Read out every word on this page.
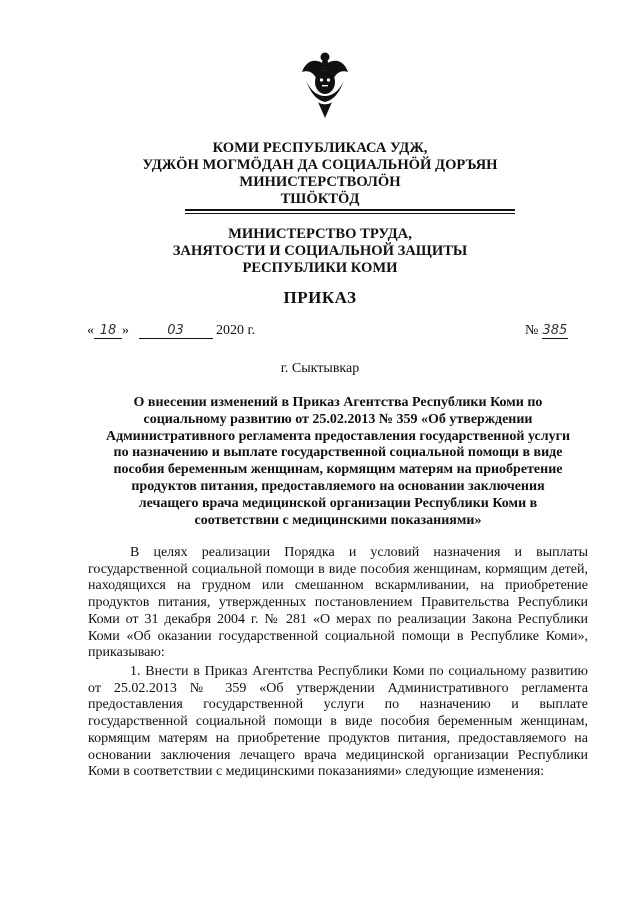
КОМИ РЕСПУБЛИКАСА УДЖ,
УДЖӦН МОГМӦДАН ДА СОЦИАЛЬНӦЙ ДОРЪЯН
МИНИСТЕРСТВОЛӦН
ТШӦКТӦД
МИНИСТЕРСТВО ТРУДА,
ЗАНЯТОСТИ И СОЦИАЛЬНОЙ ЗАЩИТЫ
РЕСПУБЛИКИ КОМИ
ПРИКАЗ
« 18 »	03 2020 г.	№ 385
г. Сыктывкар
О внесении изменений в Приказ Агентства Республики Коми по
социальному развитию от 25.02.2013 № 359 «Об утверждении
Административного регламента предоставления государственной услуги
по назначению и выплате государственной социальной помощи в виде
пособия беременным женщинам, кормящим матерям на приобретение
продуктов питания, предоставляемого на основании заключения
лечащего врача медицинской организации Республики Коми в
соответствии с медицинскими показаниями»
В целях реализации Порядка и условий назначения и выплаты государственной социальной помощи в виде пособия женщинам, кормящим детей, находящихся на грудном или смешанном вскармливании, на приобретение продуктов питания, утвержденных постановлением Правительства Республики Коми от 31 декабря 2004 г. № 281 «О мерах по реализации Закона Республики Коми «Об оказании государственной социальной помощи в Республике Коми», приказываю:
1. Внести в Приказ Агентства Республики Коми по социальному развитию от 25.02.2013 № 359 «Об утверждении Административного регламента предоставления государственной услуги по назначению и выплате государственной социальной помощи в виде пособия беременным женщинам, кормящим матерям на приобретение продуктов питания, предоставляемого на основании заключения лечащего врача медицинской организации Республики Коми в соответствии с медицинскими показаниями» следующие изменения:
